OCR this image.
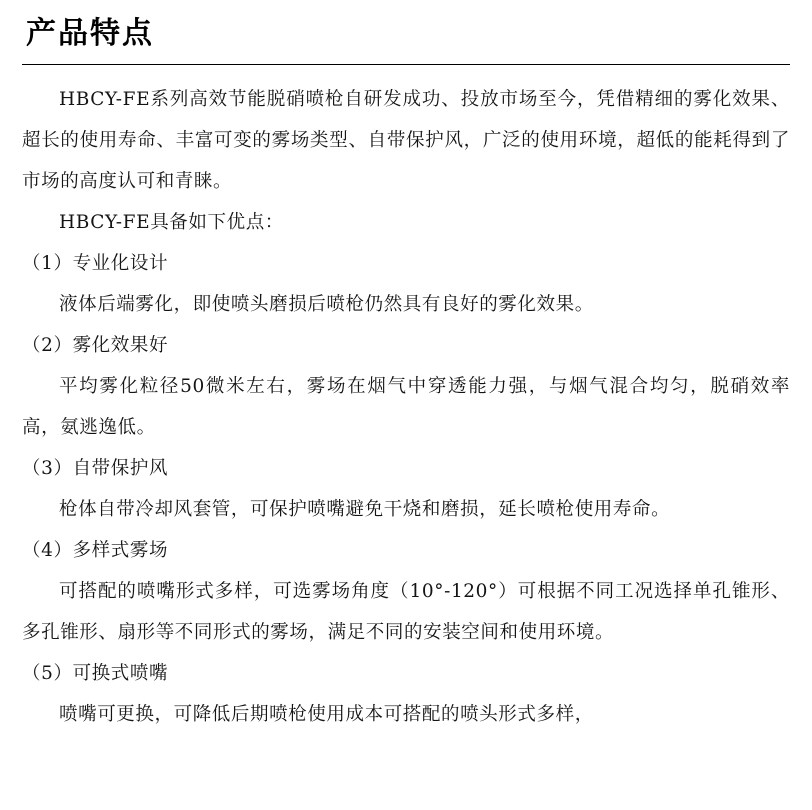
产品特点

HBCY-FE系列高效节能脱硝喷枪自研发成功、投放市场至今，凭借精细的雾化效果、超长的使用寿命、丰富可变的雾场类型、自带保护风，广泛的使用环境，超低的能耗得到了市场的高度认可和青睐。

HBCY-FE具备如下优点：

（1）专业化设计

液体后端雾化，即使喷头磨损后喷枪仍然具有良好的雾化效果。

（2）雾化效果好

平均雾化粒径50微米左右，雾场在烟气中穿透能力强，与烟气混合均匀，脱硝效率高，氨逃逸低。

（3）自带保护风

枪体自带冷却风套管，可保护喷嘴避免干烧和磨损，延长喷枪使用寿命。

（4）多样式雾场

可搭配的喷嘴形式多样，可选雾场角度（10°-120°）可根据不同工况选择单孔锥形、多孔锥形、扇形等不同形式的雾场，满足不同的安装空间和使用环境。

（5）可换式喷嘴

喷嘴可更换，可降低后期喷枪使用成本可搭配的喷头形式多样，
